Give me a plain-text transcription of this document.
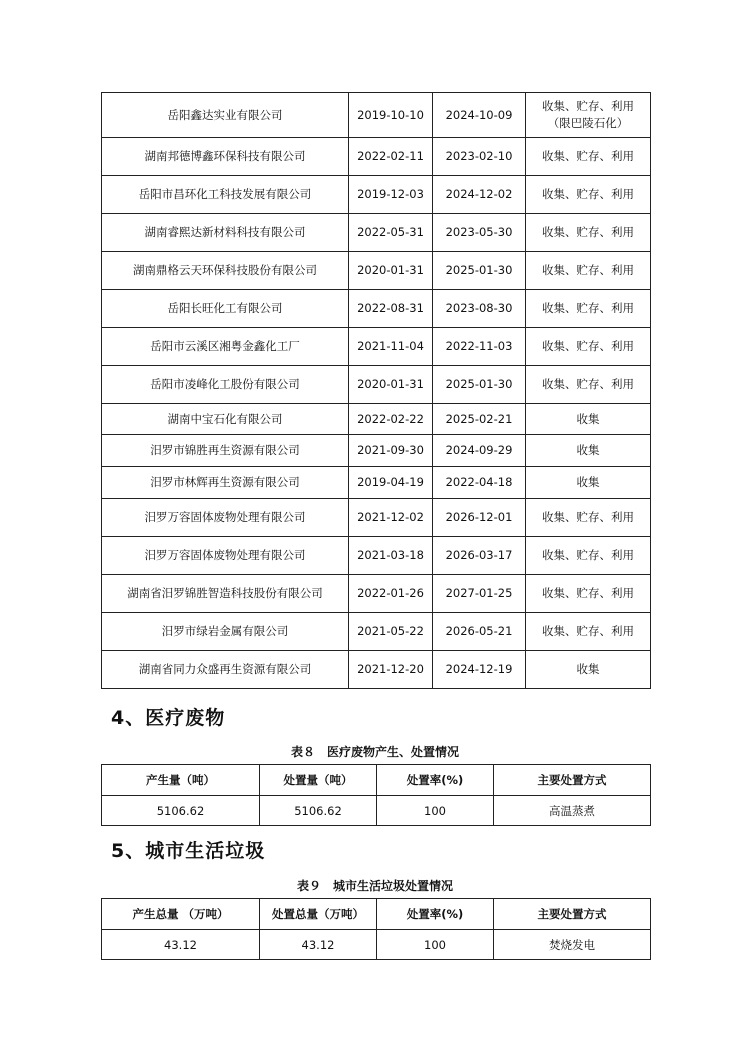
岳阳鑫达实业有限公司	2019-10-10	2024-10-09	收集、贮存、利用
（限巴陵石化）
湖南邦德博鑫环保科技有限公司	2022-02-11	2023-02-10	收集、贮存、利用
岳阳市昌环化工科技发展有限公司	2019-12-03	2024-12-02	收集、贮存、利用
湖南睿熙达新材料科技有限公司	2022-05-31	2023-05-30	收集、贮存、利用
湖南鼎格云天环保科技股份有限公司	2020-01-31	2025-01-30	收集、贮存、利用
岳阳长旺化工有限公司	2022-08-31	2023-08-30	收集、贮存、利用
岳阳市云溪区湘粤金鑫化工厂	2021-11-04	2022-11-03	收集、贮存、利用
岳阳市凌峰化工股份有限公司	2020-01-31	2025-01-30	收集、贮存、利用
湖南中宝石化有限公司	2022-02-22	2025-02-21	收集
汨罗市锦胜再生资源有限公司	2021-09-30	2024-09-29	收集
汨罗市林辉再生资源有限公司	2019-04-19	2022-04-18	收集
汨罗万容固体废物处理有限公司	2021-12-02	2026-12-01	收集、贮存、利用
汨罗万容固体废物处理有限公司	2021-03-18	2026-03-17	收集、贮存、利用
湖南省汨罗锦胜智造科技股份有限公司	2022-01-26	2027-01-25	收集、贮存、利用
汨罗市绿岩金属有限公司	2021-05-22	2026-05-21	收集、贮存、利用
湖南省同力众盛再生资源有限公司	2021-12-20	2024-12-19	收集
4、医疗废物

表８　医疗废物产生、处置情况

产生量（吨）	处置量（吨）	处置率(%)	主要处置方式
5106.62	5106.62	100	高温蒸煮
5、城市生活垃圾

表９　城市生活垃圾处置情况

产生总量 （万吨）	处置总量（万吨）	处置率(%)	主要处置方式
43.12	43.12	100	焚烧发电
